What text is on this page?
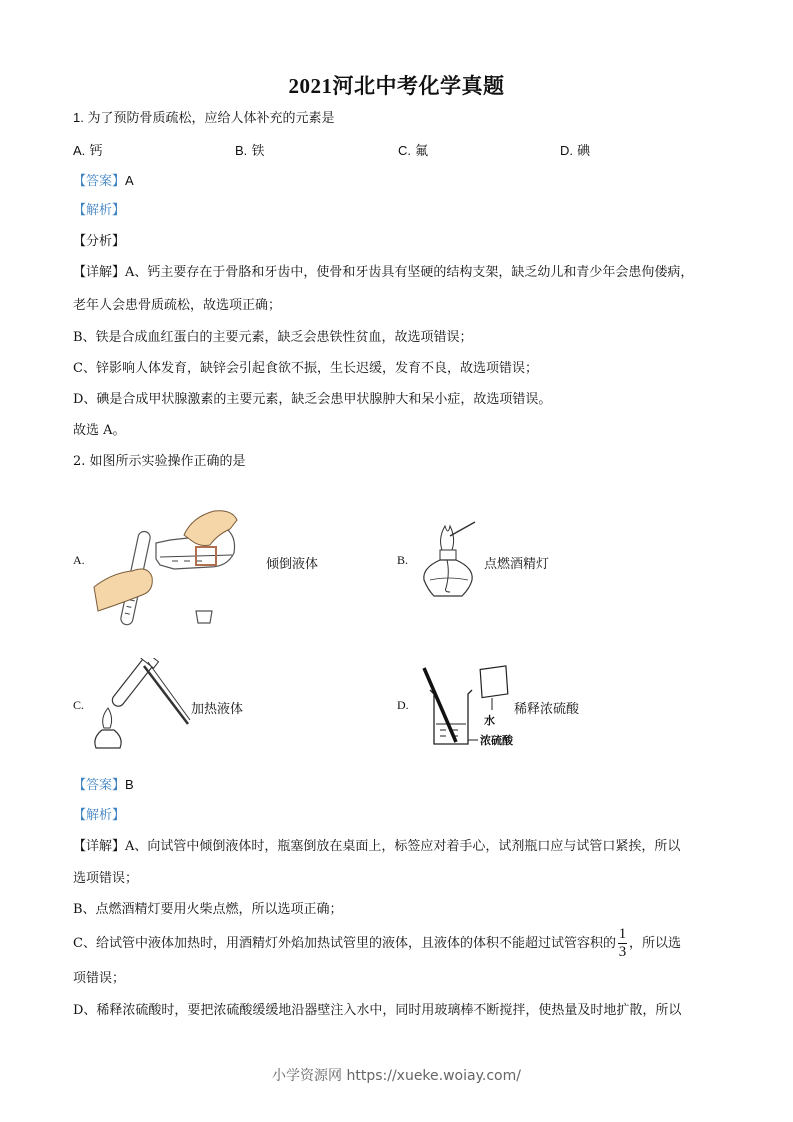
2021河北中考化学真题
1. 为了预防骨质疏松，应给人体补充的元素是
A. 钙	B. 铁	C. 氟	D. 碘
【答案】A
【解析】
【分析】
【详解】A、钙主要存在于骨胳和牙齿中，使骨和牙齿具有坚硬的结构支架，缺乏幼儿和青少年会患佝偻病，
老年人会患骨质疏松，故选项正确；
B、铁是合成血红蛋白的主要元素，缺乏会患铁性贫血，故选项错误；
C、锌影响人体发育，缺锌会引起食欲不振，生长迟缓，发育不良，故选项错误；
D、碘是合成甲状腺激素的主要元素，缺乏会患甲状腺肿大和呆小症，故选项错误。
故选 A。
2. 如图所示实验操作正确的是
A.	倾倒液体	B.	点燃酒精灯
C.	加热液体	D.
水
浓硫酸
稀释浓硫酸
【答案】B
【解析】
【详解】A、向试管中倾倒液体时，瓶塞倒放在桌面上，标签应对着手心，试剂瓶口应与试管口紧挨，所以
选项错误；
B、点燃酒精灯要用火柴点燃，所以选项正确；
C、给试管中液体加热时，用酒精灯外焰加热试管里的液体，且液体的体积不能超过试管容积的 $\frac{1}{3}$ ，所以选
项错误；
D、稀释浓硫酸时，要把浓硫酸缓缓地沿器壁注入水中，同时用玻璃棒不断搅拌，使热量及时地扩散，所以
小学资源网 https://xueke.woiay.com/
